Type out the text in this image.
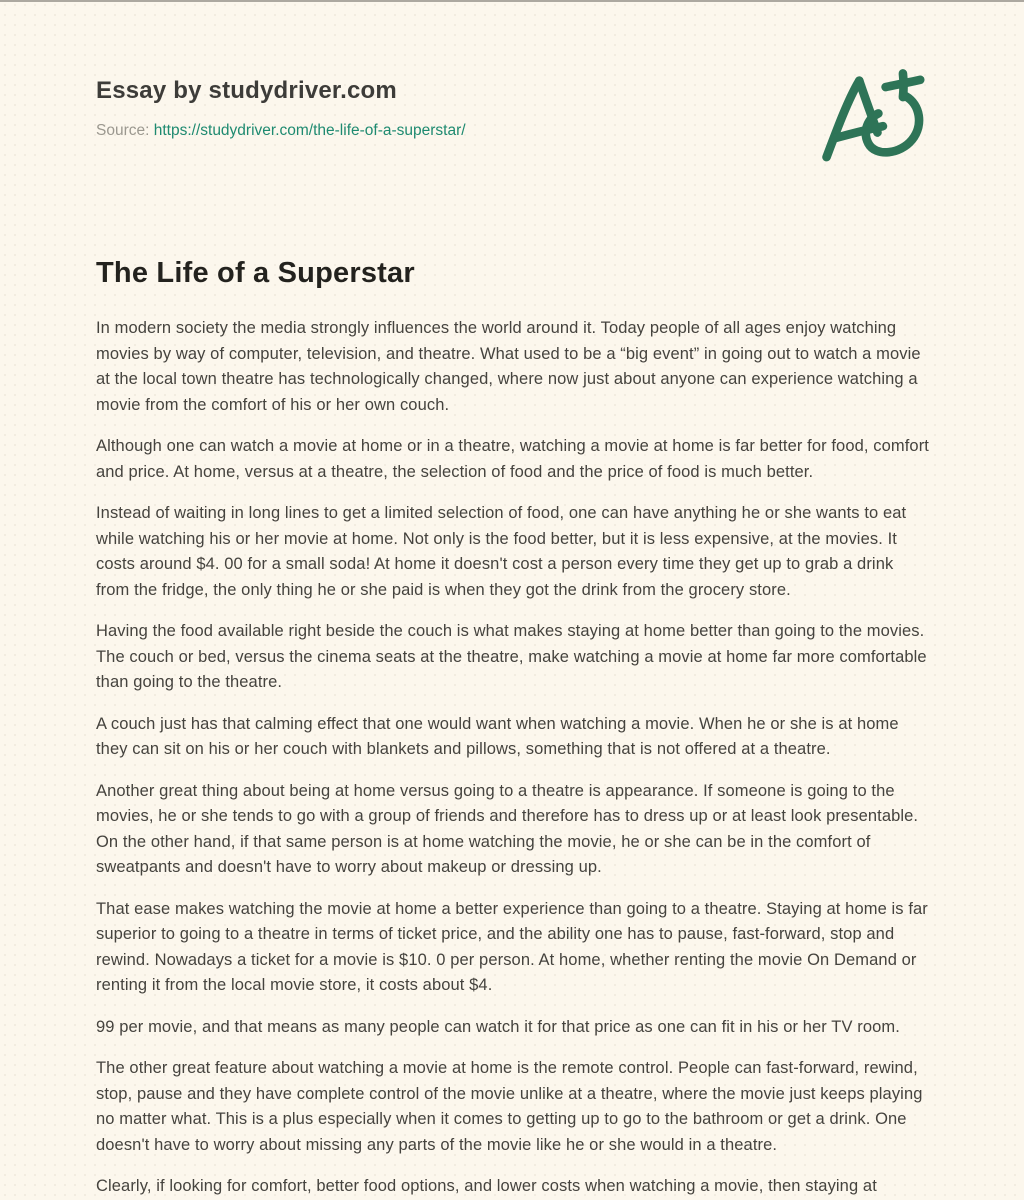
Essay by studydriver.com
Source: https://studydriver.com/the-life-of-a-superstar/
The Life of a Superstar

In modern society the media strongly influences the world around it. Today people of all ages enjoy watching movies by way of computer, television, and theatre. What used to be a “big event” in going out to watch a movie at the local town theatre has technologically changed, where now just about anyone can experience watching a movie from the comfort of his or her own couch.

Although one can watch a movie at home or in a theatre, watching a movie at home is far better for food, comfort and price. At home, versus at a theatre, the selection of food and the price of food is much better.

Instead of waiting in long lines to get a limited selection of food, one can have anything he or she wants to eat while watching his or her movie at home. Not only is the food better, but it is less expensive, at the movies. It costs around $4. 00 for a small soda! At home it doesn't cost a person every time they get up to grab a drink from the fridge, the only thing he or she paid is when they got the drink from the grocery store.

Having the food available right beside the couch is what makes staying at home better than going to the movies. The couch or bed, versus the cinema seats at the theatre, make watching a movie at home far more comfortable than going to the theatre.

A couch just has that calming effect that one would want when watching a movie. When he or she is at home they can sit on his or her couch with blankets and pillows, something that is not offered at a theatre.

Another great thing about being at home versus going to a theatre is appearance. If someone is going to the movies, he or she tends to go with a group of friends and therefore has to dress up or at least look presentable. On the other hand, if that same person is at home watching the movie, he or she can be in the comfort of sweatpants and doesn't have to worry about makeup or dressing up.

That ease makes watching the movie at home a better experience than going to a theatre. Staying at home is far superior to going to a theatre in terms of ticket price, and the ability one has to pause, fast-forward, stop and rewind. Nowadays a ticket for a movie is $10. 0 per person. At home, whether renting the movie On Demand or renting it from the local movie store, it costs about $4.

99 per movie, and that means as many people can watch it for that price as one can fit in his or her TV room.

The other great feature about watching a movie at home is the remote control. People can fast-forward, rewind, stop, pause and they have complete control of the movie unlike at a theatre, where the movie just keeps playing no matter what. This is a plus especially when it comes to getting up to go to the bathroom or get a drink. One doesn't have to worry about missing any parts of the movie like he or she would in a theatre.

Clearly, if looking for comfort, better food options, and lower costs when watching a movie, then staying at
